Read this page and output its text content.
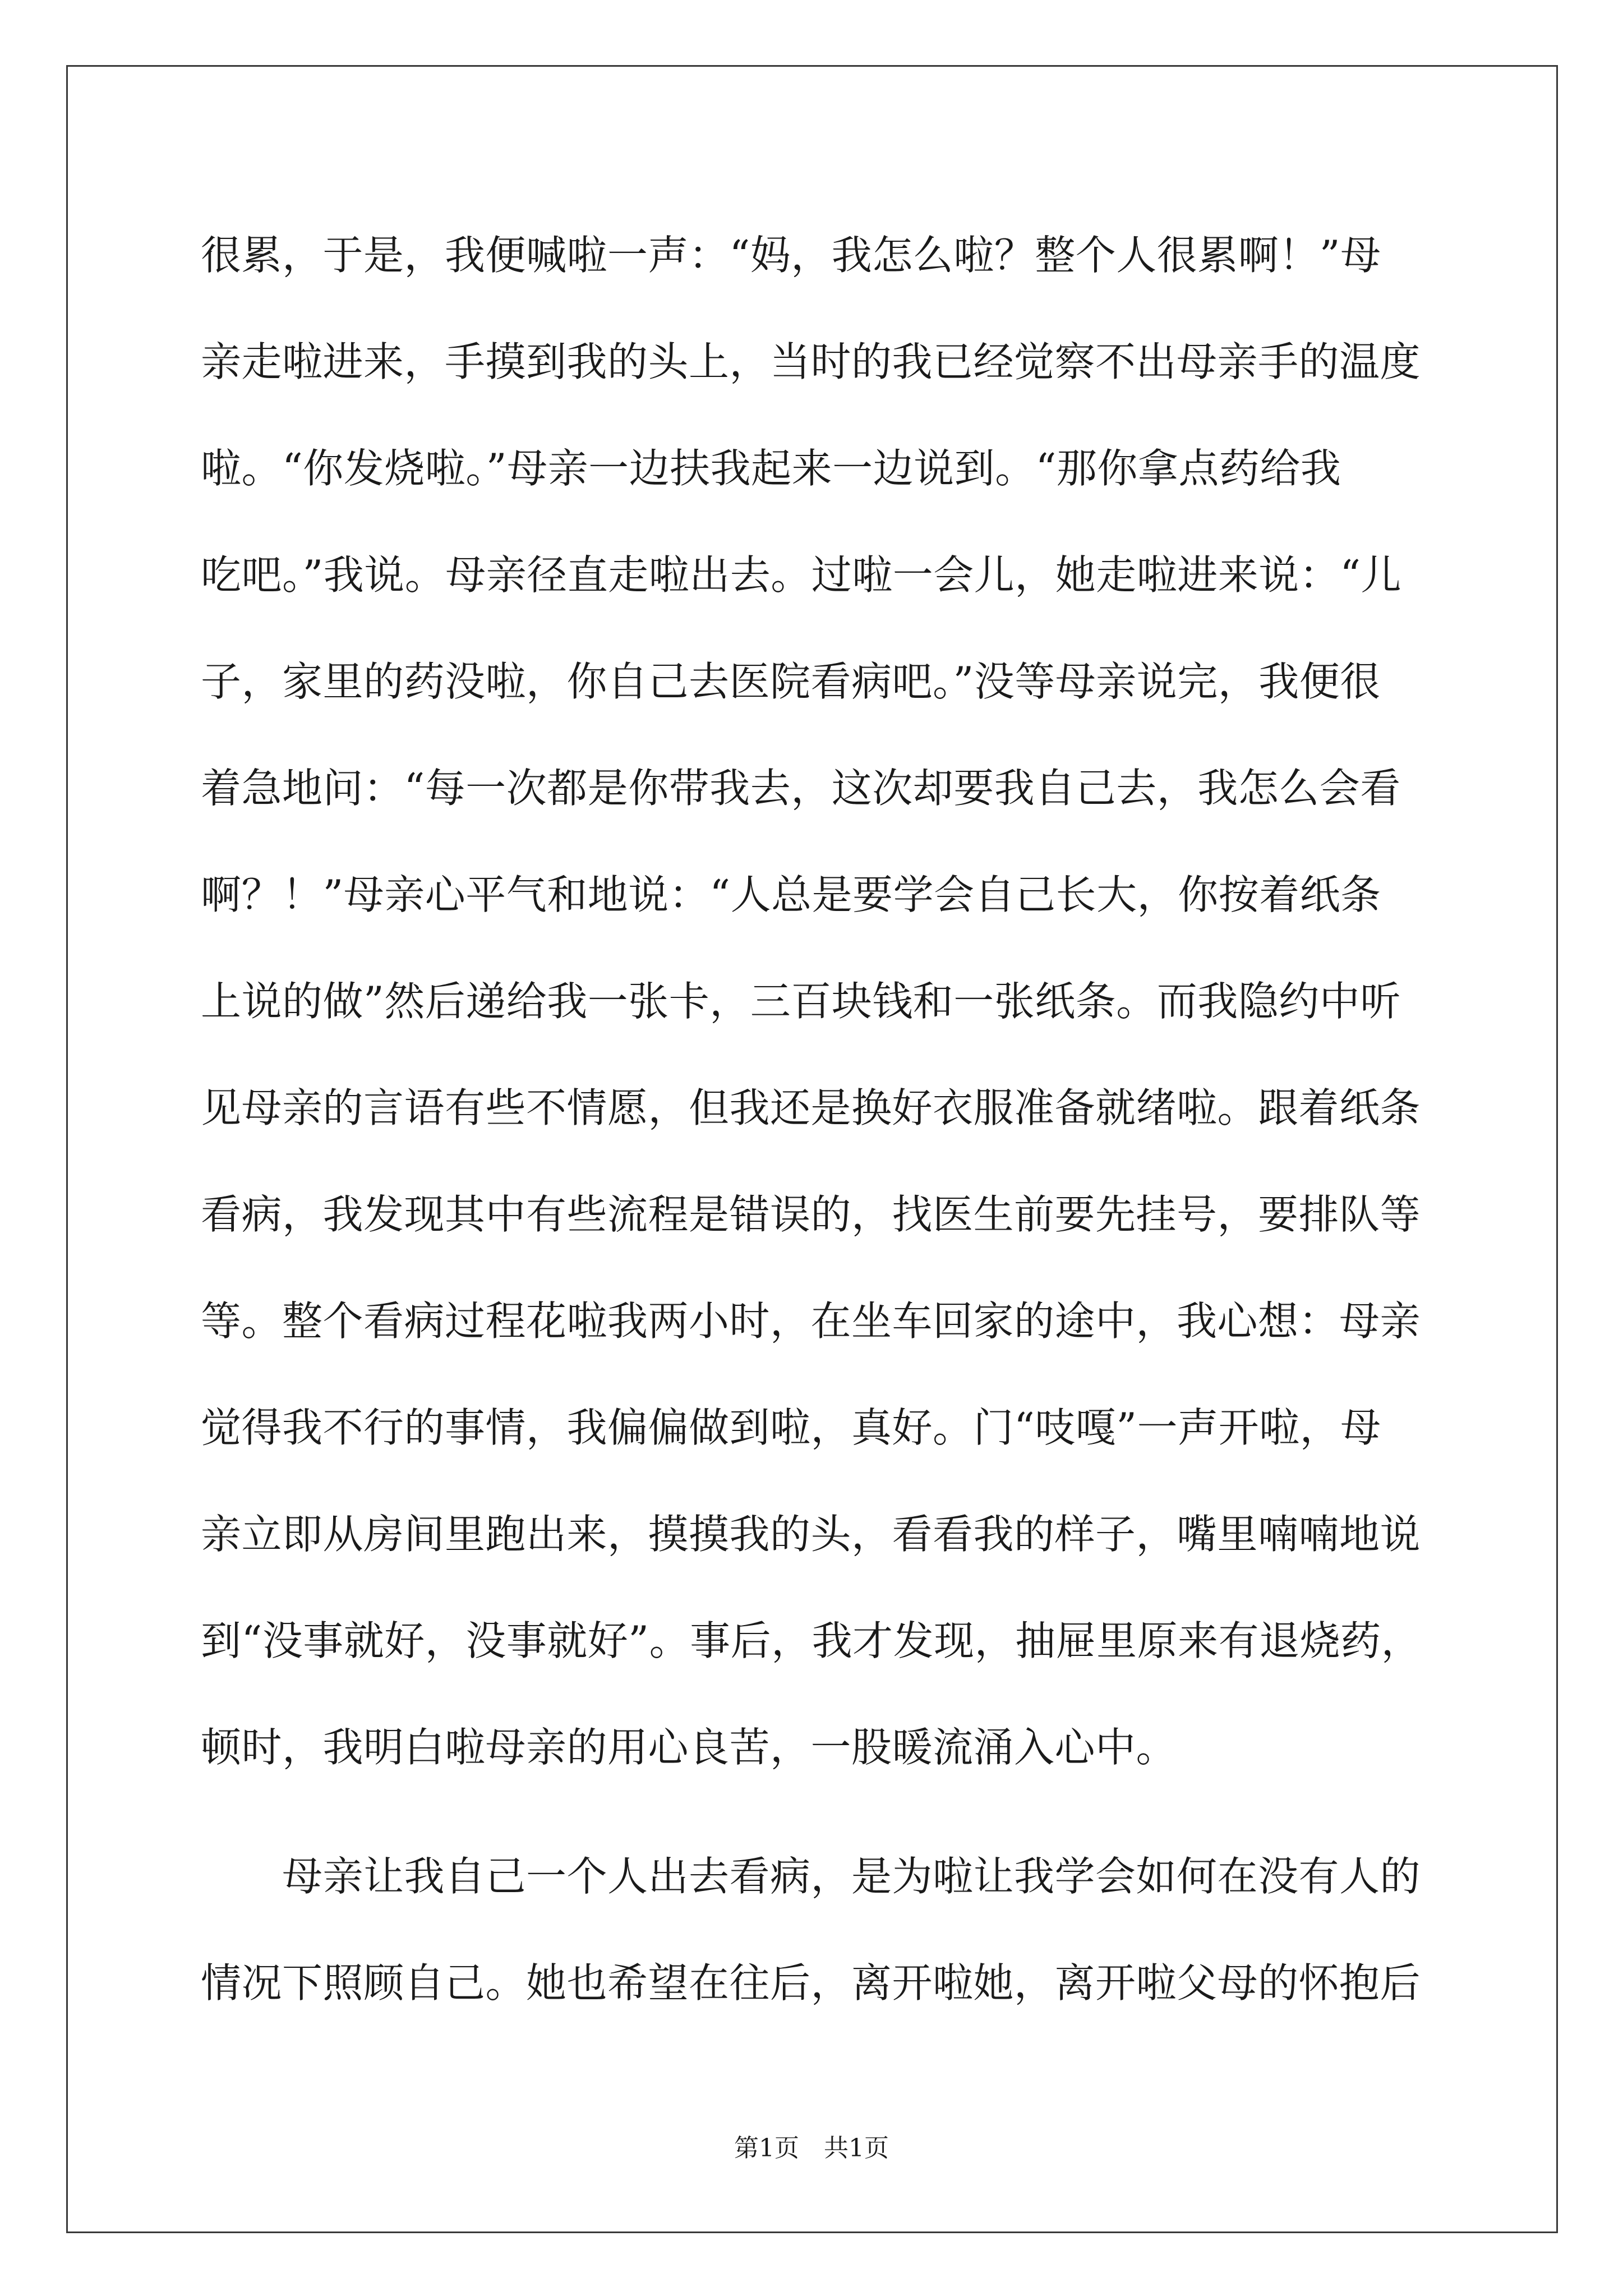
很累，于是，我便喊啦一声：“妈，我怎么啦？整个人很累啊！”母
亲走啦进来，手摸到我的头上，当时的我已经觉察不出母亲手的温度
啦。“你发烧啦。”母亲一边扶我起来一边说到。“那你拿点药给我
吃吧。”我说。母亲径直走啦出去。过啦一会儿，她走啦进来说：“儿
子，家里的药没啦，你自己去医院看病吧。”没等母亲说完，我便很
着急地问：“每一次都是你带我去，这次却要我自己去，我怎么会看
啊？！”母亲心平气和地说：“人总是要学会自己长大，你按着纸条
上说的做”然后递给我一张卡，三百块钱和一张纸条。而我隐约中听
见母亲的言语有些不情愿，但我还是换好衣服准备就绪啦。跟着纸条
看病，我发现其中有些流程是错误的，找医生前要先挂号，要排队等
等。整个看病过程花啦我两小时，在坐车回家的途中，我心想：母亲
觉得我不行的事情，我偏偏做到啦，真好。门“吱嘎”一声开啦，母
亲立即从房间里跑出来，摸摸我的头，看看我的样子，嘴里喃喃地说
到“没事就好，没事就好”。事后，我才发现，抽屉里原来有退烧药，
顿时，我明白啦母亲的用心良苦，一股暖流涌入心中。
　　母亲让我自己一个人出去看病，是为啦让我学会如何在没有人的
情况下照顾自己。她也希望在往后，离开啦她，离开啦父母的怀抱后
第1页　共1页
